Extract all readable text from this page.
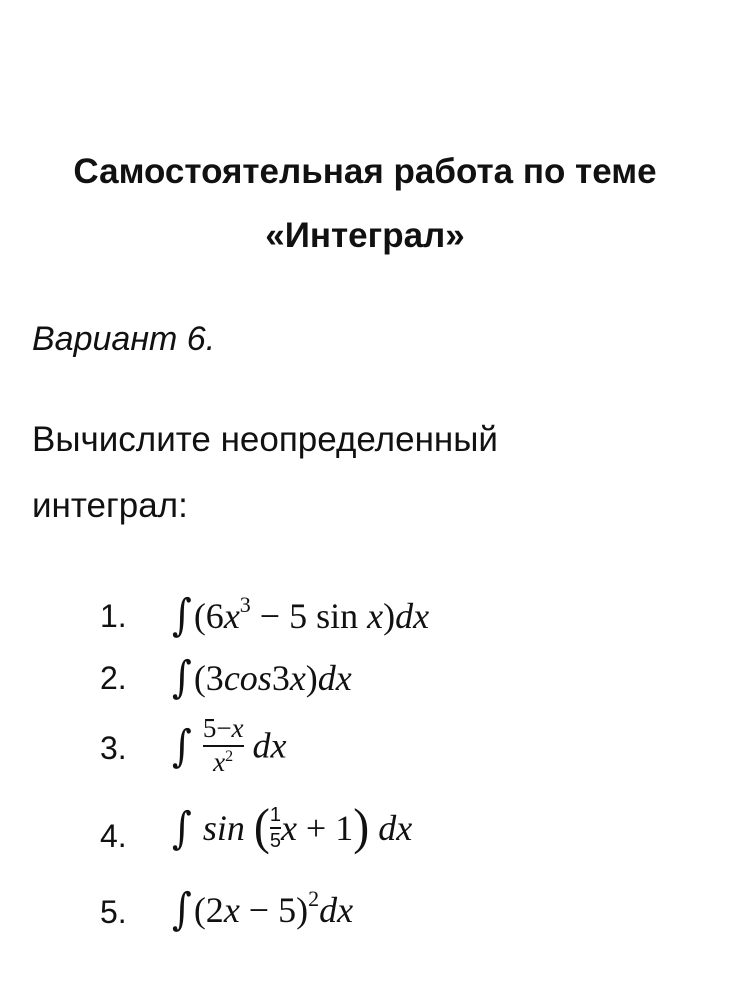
Самостоятельная работа по теме
«Интеграл»
Вариант 6.
Вычислите неопределенный
интеграл:
1. $\int(6x^3 - 5$ sin x)dx
2. ∫(3cos3x)dx
3. ∫ $\frac{5-x}{x^2}$ dx
4. ∫ sin ( $\frac{1}{5}$ x + 1) dx
5. $\int(2x - 5)^2dx$
